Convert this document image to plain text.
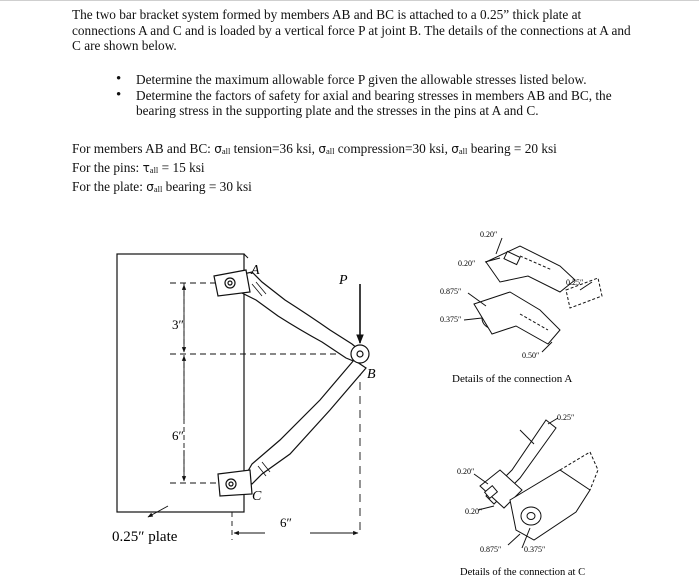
The two bar bracket system formed by members AB and BC is attached to a 0.25” thick plate at connections A and C and is loaded by a vertical force P at joint B. The details of the connections at A and C are shown below.
• Determine the maximum allowable force P given the allowable stresses listed below.
• Determine the factors of safety for axial and bearing stresses in members AB and BC, the bearing stress in the supporting plate and the stresses in the pins at A and C.
For members AB and BC: σall tension=36 ksi, σall compression=30 ksi, σall bearing = 20 ksi
For the pins: τall = 15 ksi
For the plate: σall bearing = 30 ksi
A
P
B
C
3″
6″
6″
0.25″ plate
0.20″
0.20″
0.25″
0.875″
0.375″
0.50″
Details of the connection A
0.25″
0.20″
0.20″
0.875″	0.375″
Details of the connection at C
